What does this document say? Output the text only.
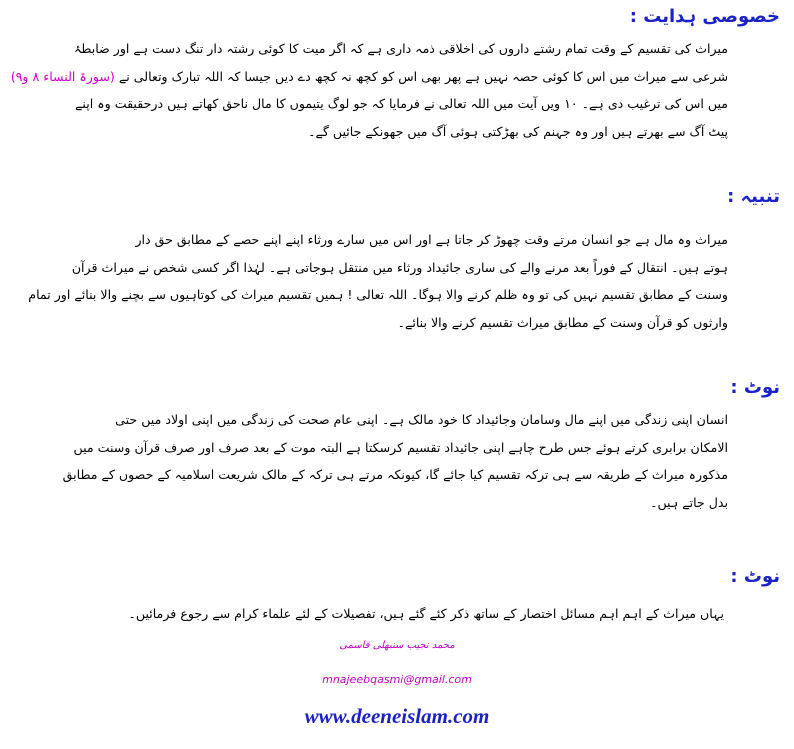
خصوصی ہدایت :
میراث کی تقسیم کے وقت تمام رشتے داروں کی اخلاقی ذمہ داری ہے کہ اگر میت کا کوئی رشتہ دار تنگ دست ہے اور ضابطۂ
شرعی سے میراث میں اس کا کوئی حصہ نہیں ہے پھر بھی اس کو کچھ نہ کچھ دے دیں جیسا کہ اللہ تبارک وتعالی نے (سورۃ النساء ۸ و۹)
میں اس کی ترغیب دی ہے۔ ۱۰ ویں آیت میں اللہ تعالی نے فرمایا کہ جو لوگ یتیموں کا مال ناحق کھاتے ہیں درحقیقت وہ اپنے
پیٹ آگ سے بھرتے ہیں اور وہ جہنم کی بھڑکتی ہوئی آگ میں جھونکے جائیں گے۔
تنبیہ :
میراث وہ مال ہے جو انسان مرتے وقت چھوڑ کر جاتا ہے اور اس میں سارے ورثاء اپنے اپنے حصے کے مطابق حق دار
ہوتے ہیں۔ انتقال کے فوراً بعد مرنے والے کی ساری جائیداد ورثاء میں منتقل ہوجاتی ہے۔ لہٰذا اگر کسی شخص نے میراث قرآن
وسنت کے مطابق تقسیم نہیں کی تو وہ ظلم کرنے والا ہوگا۔ اللہ تعالی ! ہمیں تقسیم میراث کی کوتاہیوں سے بچنے والا بنائے اور تمام
وارثوں کو قرآن وسنت کے مطابق میراث تقسیم کرنے والا بنائے۔
نوٹ :
انسان اپنی زندگی میں اپنے مال وسامان وجائیداد کا خود مالک ہے۔ اپنی عام صحت کی زندگی میں اپنی اولاد میں حتی
الامکان برابری کرتے ہوئے جس طرح چاہے اپنی جائیداد تقسیم کرسکتا ہے البتہ موت کے بعد صرف اور صرف قرآن وسنت میں
مذکورہ میراث کے طریقہ سے ہی ترکہ تقسیم کیا جائے گا، کیونکہ مرتے ہی ترکہ کے مالک شریعت اسلامیہ کے حصوں کے مطابق
بدل جاتے ہیں۔
نوٹ :
یہاں میراث کے اہم اہم مسائل اختصار کے ساتھ ذکر کئے گئے ہیں، تفصیلات کے لئے علماء کرام سے رجوع فرمائیں۔
محمد نجیب سنبھلی قاسمی
mnajeebqasmi@gmail.com
www.deeneislam.com
